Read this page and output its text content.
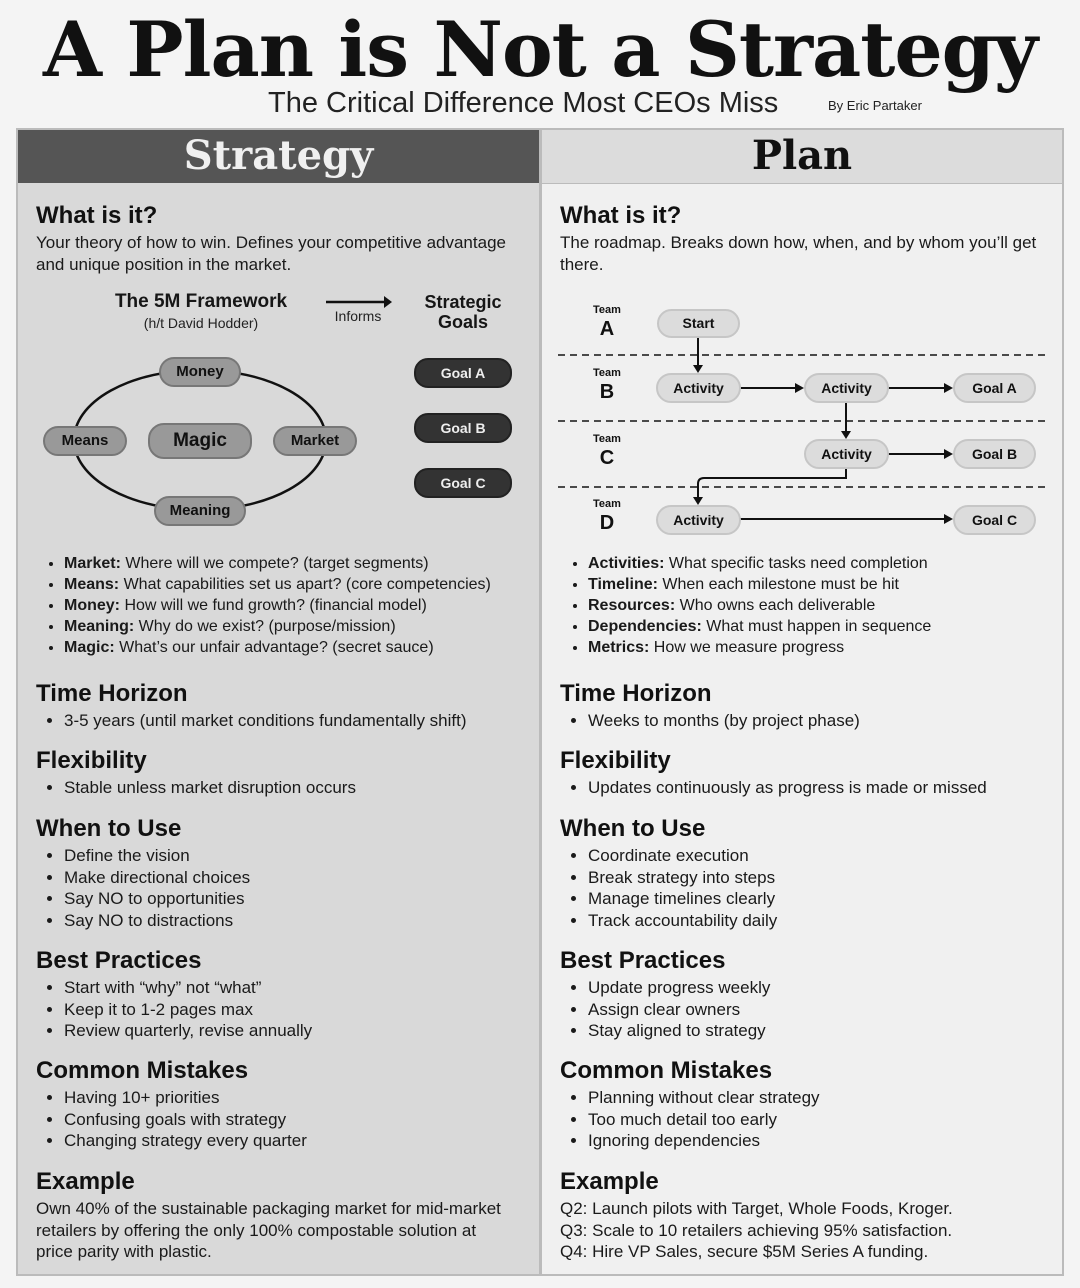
A Plan is Not a Strategy
The Critical Difference Most CEOs Miss	By Eric Partaker
Strategy
What is it?
Your theory of how to win. Defines your competitive advantage and unique position in the market.
The 5M Framework
(h/t David Hodder)	Informs
Strategic
Goals
Money
Means	Magic	Market
Meaning
Goal A
Goal B
Goal C
• Market: Where will we compete? (target segments)
• Means: What capabilities set us apart? (core competencies)
• Money: How will we fund growth? (financial model)
• Meaning: Why do we exist? (purpose/mission)
• Magic: What’s our unfair advantage? (secret sauce)
Time Horizon
• 3-5 years (until market conditions fundamentally shift)
Flexibility
• Stable unless market disruption occurs
When to Use
• Define the vision
• Make directional choices
• Say NO to opportunities
• Say NO to distractions
Best Practices
• Start with “why” not “what”
• Keep it to 1-2 pages max
• Review quarterly, revise annually
Common Mistakes
• Having 10+ priorities
• Confusing goals with strategy
• Changing strategy every quarter
Example
Own 40% of the sustainable packaging market for mid-market retailers by offering the only 100% compostable solution at price parity with plastic.
Plan
What is it?
The roadmap. Breaks down how, when, and by whom you’ll get there.
Team
A
Team
B
Team
C
Team
D
Start
Activity	Activity	Goal A
Activity	Goal B
Activity	Goal C
• Activities: What specific tasks need completion
• Timeline: When each milestone must be hit
• Resources: Who owns each deliverable
• Dependencies: What must happen in sequence
• Metrics: How we measure progress
Time Horizon
• Weeks to months (by project phase)
Flexibility
• Updates continuously as progress is made or missed
When to Use
• Coordinate execution
• Break strategy into steps
• Manage timelines clearly
• Track accountability daily
Best Practices
• Update progress weekly
• Assign clear owners
• Stay aligned to strategy
Common Mistakes
• Planning without clear strategy
• Too much detail too early
• Ignoring dependencies
Example
Q2: Launch pilots with Target, Whole Foods, Kroger.
Q3: Scale to 10 retailers achieving 95% satisfaction.
Q4: Hire VP Sales, secure $5M Series A funding.
